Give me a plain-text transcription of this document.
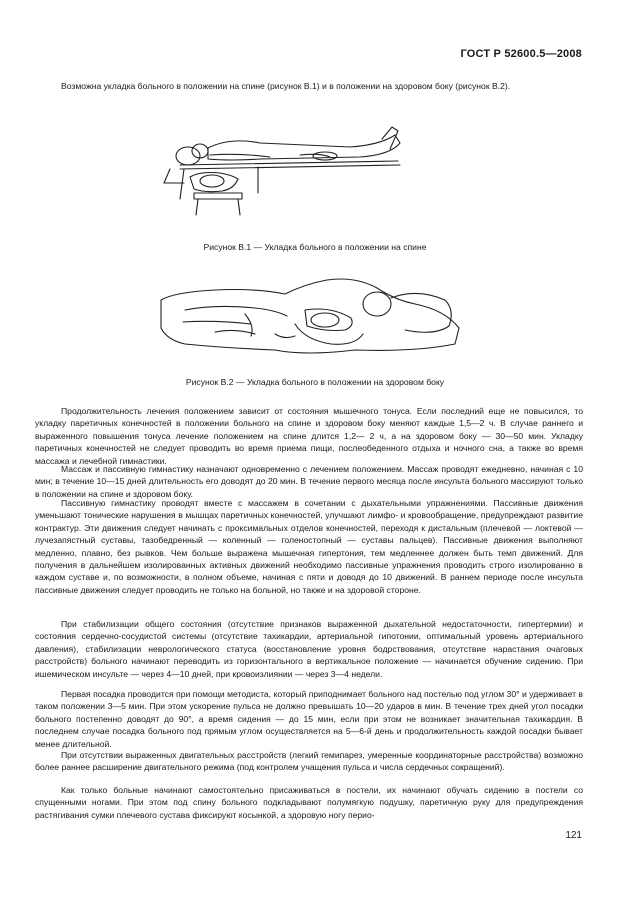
ГОСТ Р 52600.5—2008

Возможна укладка больного в положении на спине (рисунок В.1) и в положении на здоровом боку (рисунок В.2).

Рисунок В.1 — Укладка больного в положении на спине

Рисунок В.2 — Укладка больного в положении на здоровом боку

Продолжительность лечения положением зависит от состояния мышечного тонуса. Если последний еще не повысился, то укладку паретичных конечностей в положении больного на спине и здоровом боку меняют каждые 1,5—2 ч. В случае раннего и выраженного повышения тонуса лечение положением на спине длится 1,2— 2 ч, а на здоровом боку — 30—50 мин. Укладку паретичных конечностей не следует проводить во время приема пищи, послеобеденного отдыха и ночного сна, а также во время массажа и лечебной гимнастики.

Массаж и пассивную гимнастику назначают одновременно с лечением положением. Массаж проводят ежедневно, начиная с 10 мин; в течение 10—15 дней длительность его доводят до 20 мин. В течение первого месяца после инсульта больного массируют только в положении на спине и здоровом боку.

Пассивную гимнастику проводят вместе с массажем в сочетании с дыхательными упражнениями. Пассивные движения уменьшают тонические нарушения в мышцах паретичных конечностей, улучшают лимфо- и кровообращение, предупреждают развитие контрактур. Эти движения следует начинать с проксимальных отделов конечностей, переходя к дистальным (плечевой — локтевой — лучезапястный суставы, тазобедренный — коленный — голеностопный — суставы пальцев). Пассивные движения выполняют медленно, плавно, без рывков. Чем больше выражена мышечная гипертония, тем медленнее должен быть темп движений. Для получения в дальнейшем изолированных активных движений необходимо пассивные упражнения проводить строго изолированно в каждом суставе и, по возможности, в полном объеме, начиная с пяти и доводя до 10 движений. В раннем периоде после инсульта пассивные движения следует проводить не только на больной, но также и на здоровой стороне.

При стабилизации общего состояния (отсутствие признаков выраженной дыхательной недостаточности, гипертермии) и состояния сердечно-сосудистой системы (отсутствие тахикардии, артериальной гипотонии, оптимальный уровень артериального давления), стабилизации неврологического статуса (восстановление уровня бодрствования, отсутствие нарастания очаговых расстройств) больного начинают переводить из горизонтального в вертикальное положение — начинается обучение сидению. При ишемическом инсульте — через 4—10 дней, при кровоизлиянии — через 3—4 недели.

Первая посадка проводится при помощи методиста, который приподнимает больного над постелью под углом 30° и удерживает в таком положении 3—5 мин. При этом ускорение пульса не должно превышать 10—20 ударов в мин. В течение трех дней угол посадки больного постепенно доводят до 90°, а время сидения — до 15 мин, если при этом не возникает значительная тахикардия. В последнем случае посадка больного под прямым углом осуществляется на 5—6-й день и продолжительность каждой посадки бывает менее длительной.

При отсутствии выраженных двигательных расстройств (легкий гемипарез, умеренные координаторные расстройства) возможно более раннее расширение двигательного режима (под контролем учащения пульса и числа сердечных сокращений).

Как только больные начинают самостоятельно присаживаться в постели, их начинают обучать сидению в постели со спущенными ногами. При этом под спину больного подкладывают полумягкую подушку, паретичную руку для предупреждения растягивания сумки плечевого сустава фиксируют косынкой, а здоровую ногу перио-

121
